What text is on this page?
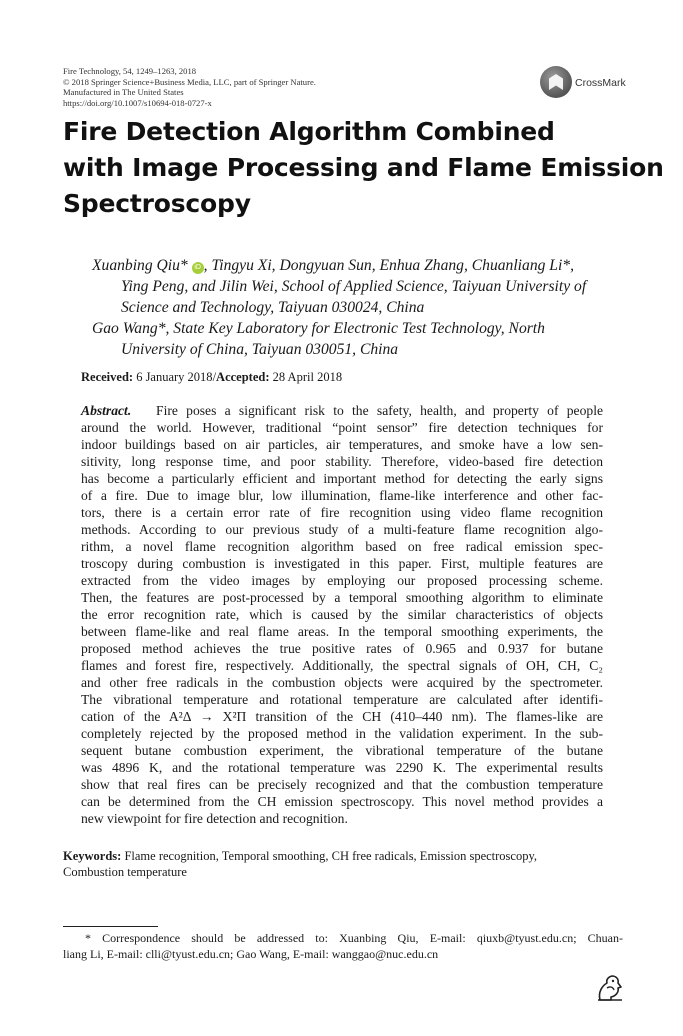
Fire Technology, 54, 1249–1263, 2018
© 2018 Springer Science+Business Media, LLC, part of Springer Nature.
Manufactured in The United States
https://doi.org/10.1007/s10694-018-0727-x
CrossMark
Fire Detection Algorithm Combined
with Image Processing and Flame Emission
Spectroscopy
Xuanbing Qiu* iD , Tingyu Xi, Dongyuan Sun, Enhua Zhang, Chuanliang Li*,
Ying Peng, and Jilin Wei, School of Applied Science, Taiyuan University of
Science and Technology, Taiyuan 030024, China
Gao Wang*, State Key Laboratory for Electronic Test Technology, North
University of China, Taiyuan 030051, China
Received: 6 January 2018/Accepted: 28 April 2018
Abstract. Fire poses a significant risk to the safety, health, and property of people
around the world. However, traditional “point sensor” fire detection techniques for
indoor buildings based on air particles, air temperatures, and smoke have a low sen-
sitivity, long response time, and poor stability. Therefore, video-based fire detection
has become a particularly efficient and important method for detecting the early signs
of a fire. Due to image blur, low illumination, flame-like interference and other fac-
tors, there is a certain error rate of fire recognition using video flame recognition
methods. According to our previous study of a multi-feature flame recognition algo-
rithm, a novel flame recognition algorithm based on free radical emission spec-
troscopy during combustion is investigated in this paper. First, multiple features are
extracted from the video images by employing our proposed processing scheme.
Then, the features are post-processed by a temporal smoothing algorithm to eliminate
the error recognition rate, which is caused by the similar characteristics of objects
between flame-like and real flame areas. In the temporal smoothing experiments, the
proposed method achieves the true positive rates of 0.965 and 0.937 for butane
flames and forest fire, respectively. Additionally, the spectral signals of OH, CH, C₂
and other free radicals in the combustion objects were acquired by the spectrometer.
The vibrational temperature and rotational temperature are calculated after identifi-
cation of the A²Δ → X²Π transition of the CH (410–440 nm). The flames-like are
completely rejected by the proposed method in the validation experiment. In the sub-
sequent butane combustion experiment, the vibrational temperature of the butane
was 4896 K, and the rotational temperature was 2290 K. The experimental results
show that real fires can be precisely recognized and that the combustion temperature
can be determined from the CH emission spectroscopy. This novel method provides a
new viewpoint for fire detection and recognition.
Keywords: Flame recognition, Temporal smoothing, CH free radicals, Emission spectroscopy,
Combustion temperature
* Correspondence should be addressed to: Xuanbing Qiu, E-mail: qiuxb@tyust.edu.cn; Chuan-
liang Li, E-mail: clli@tyust.edu.cn; Gao Wang, E-mail: wanggao@nuc.edu.cn
